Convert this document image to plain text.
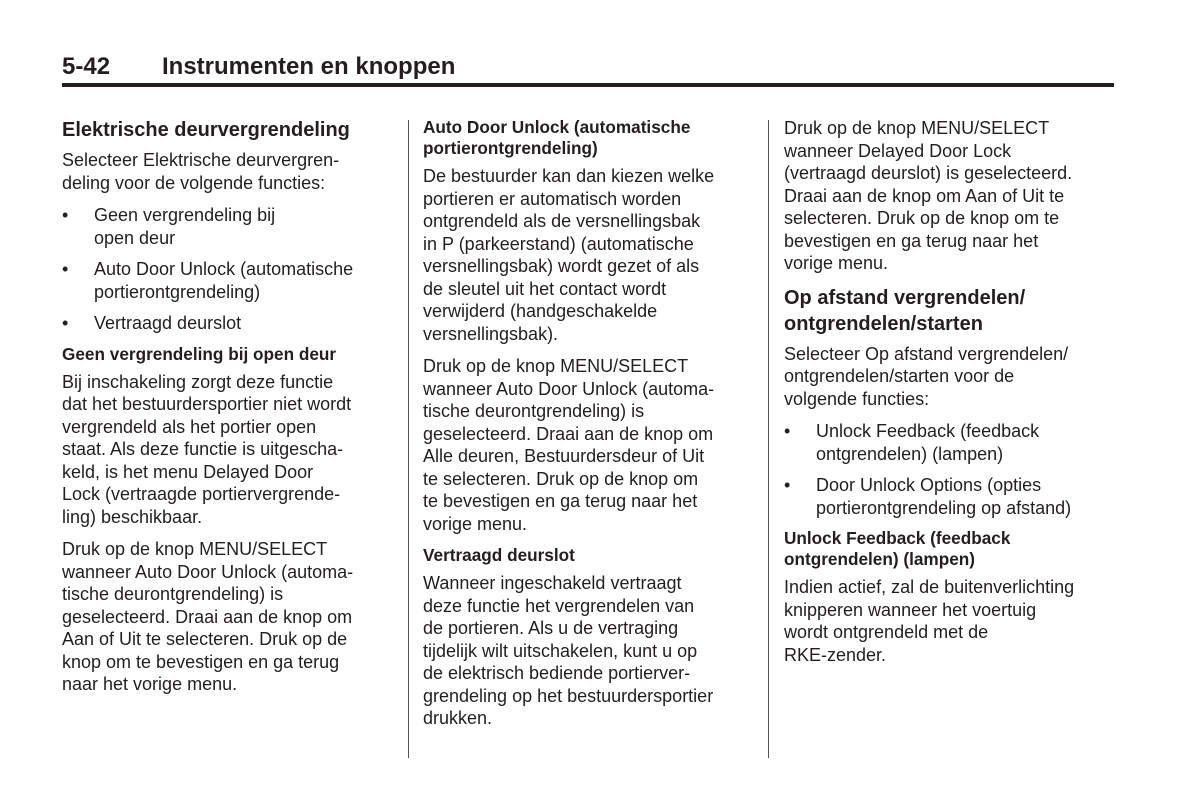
5-42 Instrumenten en knoppen
Elektrische deurvergrendeling

Selecteer Elektrische deurvergren-
deling voor de volgende functies:

• Geen vergrendeling bij
open deur
• Auto Door Unlock (automatische
portierontgrendeling)
• Vertraagd deurslot
Geen vergrendeling bij open deur

Bij inschakeling zorgt deze functie
dat het bestuurdersportier niet wordt
vergrendeld als het portier open
staat. Als deze functie is uitgescha-
keld, is het menu Delayed Door
Lock (vertraagde portiervergrende-
ling) beschikbaar.

Druk op de knop MENU/SELECT
wanneer Auto Door Unlock (automa-
tische deurontgrendeling) is
geselecteerd. Draai aan de knop om
Aan of Uit te selecteren. Druk op de
knop om te bevestigen en ga terug
naar het vorige menu.

Auto Door Unlock (automatische
portierontgrendeling)

De bestuurder kan dan kiezen welke
portieren er automatisch worden
ontgrendeld als de versnellingsbak
in P (parkeerstand) (automatische
versnellingsbak) wordt gezet of als
de sleutel uit het contact wordt
verwijderd (handgeschakelde
versnellingsbak).

Druk op de knop MENU/SELECT
wanneer Auto Door Unlock (automa-
tische deurontgrendeling) is
geselecteerd. Draai aan de knop om
Alle deuren, Bestuurdersdeur of Uit
te selecteren. Druk op de knop om
te bevestigen en ga terug naar het
vorige menu.

Vertraagd deurslot

Wanneer ingeschakeld vertraagt
deze functie het vergrendelen van
de portieren. Als u de vertraging
tijdelijk wilt uitschakelen, kunt u op
de elektrisch bediende portierver-
grendeling op het bestuurdersportier
drukken.

Druk op de knop MENU/SELECT
wanneer Delayed Door Lock
(vertraagd deurslot) is geselecteerd.
Draai aan de knop om Aan of Uit te
selecteren. Druk op de knop om te
bevestigen en ga terug naar het
vorige menu.

Op afstand vergrendelen/
ontgrendelen/starten

Selecteer Op afstand vergrendelen/
ontgrendelen/starten voor de
volgende functies:

• Unlock Feedback (feedback
ontgrendelen) (lampen)
• Door Unlock Options (opties
portierontgrendeling op afstand)
Unlock Feedback (feedback
ontgrendelen) (lampen)

Indien actief, zal de buitenverlichting
knipperen wanneer het voertuig
wordt ontgrendeld met de
RKE-zender.
